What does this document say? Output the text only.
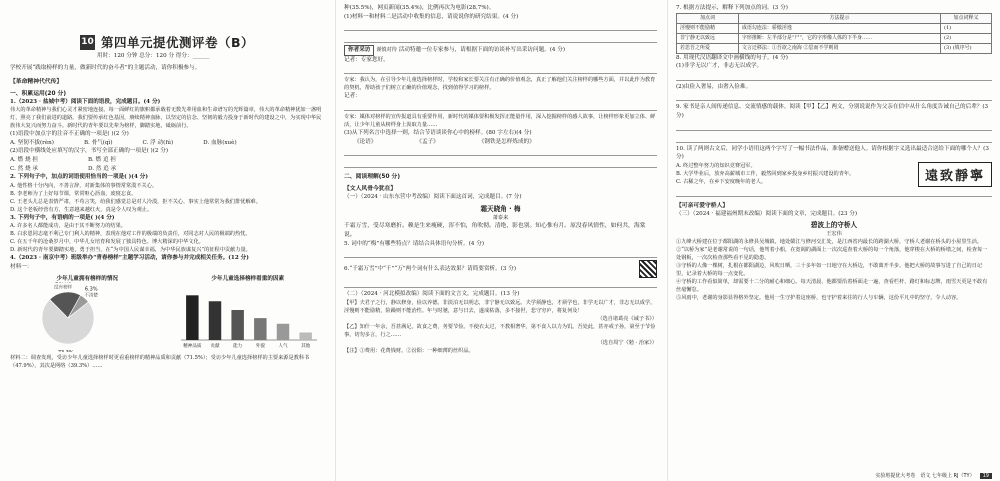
10 第四单元提优测评卷（B）
用时：120 分钟 总分：120 分 得分：______

学校开展“践取榜样的力量，做新时代的奋斗者”的主题活动，请你积极参与。

【革命精神代代传】
一、积累运用(20 分)

1.（2023 · 盐城中考）阅读下面的语段，完成题目。(4 分)

伟大的革命精神与我们心灵才紧密地连接。每一面鲜红的旗帜都承载着无数先辈用血和生命谱写的光辉篇章，伟大的革命精神犹如一盏明灯，照亮了我们前进的道路。我们要传承红色基因，赓续精神血脉，以坚定的信念、坚韧的毅力投身于新时代的建设之中，为实现中华民族伟大复兴而努力奋斗。新时代的青年要以先辈为榜样，脚踏实地，砥砺前行。

(1)语段中加点字的注音不正确的一项是( )(2 分)

A. 坚韧不拔(rèn)	B. 骨气(qì)	C. 浮 动(fú)	D. 血脉(xuè)

(2)语段中横线处应填写的汉字，书写全部正确的一项是( )(2 分)

A. 燃 烧 担	B. 燃 追 担
C. 然 烧 承	D. 然 追 承

2. 下列句子中，加点的词语使用恰当的一项是( )(4 分)

A. 他性格十分内向，不善言辞，对新集体的事情常常漠不关心。

B. 李老师为了上好每节课，常常呕心沥血，废寝忘食。

C. 王老头儿总是表情严肃，不苟言笑，给我们感觉总是对人冷漠，拒不关心，事实上他常常为我们排忧解难。

D. 这个老板经营有方，生意越来越红火，真是令人叹为观止。

3. 下列句子中，有语病的一项是( )(4 分)

A. 许多名人都能成功，是由于其不断努力的结果。

B. 白求恩同志毫不利己专门利人的精神，表现在他对工作的极端的负责任，对同志对人民的极端的热忱。

C. 在五千年的沧桑岁月中，中华儿女培育和发展了独具特色、博大精深的中华文化。

D. 新时代的青年要脚踏实地，勇于担当，在“为中国人民谋幸福，为中华民族谋复兴”的征程中贡献力量。

4.（2023 · 南京中考）班级举办“青春榜样”主题学习活动，请你参与并完成相关任务。(12 分)

材料一：

少年儿童拥有榜样的情况
没有榜样	6.3%
不清楚
少年儿童选择榜样看重的因素
精神品质 贡献	能力	外貌	人气	其他

材料二：调查发现，受访少年儿童选择榜样时更看重榜样的精神品质和贡献（71.5%）；受访少年儿童选择榜样的主要来源是教科书（47.9%），其次是网络（39.3%）……

种(35.5%)，网页新闻(35.4%)，比例再次为电影(28.7%)。

(1)材料一和材料二是活动中收集的信息，请说说你的研究结果。(4 分)

你者采访 谨慎对待 活动特邀一位专家参与，请根据下面的访谈补写出采访问题。(4 分)

记者：专家您好，

专家：我认为，在引导少年儿童选择榜样时，学校和家长要关注有正确的价值观念，真正了解他们关注榜样的哪些方面，并以此作为教育的契机，帮助孩子们树立正确的价值观念，找到值得学习的榜样。

记者：

专家：媒体对榜样的宣传报道具有重要作用，新时代的媒体要积极发挥正能量作用，深入挖掘榜样的感人故事，让榜样形象更加立体、鲜活，让少年儿童从榜样身上汲取力量……

(3)从下列名言中选择一则，结合节语谈谈你心中的榜样。(80 字左右)(4 分)

《论语》	《孟子》	《钢铁是怎样炼成的》
二、阅读理解(50 分)
【文人风骨今犹在】

（一）（2024 · 山东东营中考改编）阅读下面这首词，完成题目。(7 分)

霜天晓角 · 梅

萧泰来

千霜万雪，受尽寒磨折。赖是生来瘦硬，浑不怕，角吹彻。清绝，影也别。知心惟有月。原没春风情性，如何共，海棠说。

5. 词中的“梅”有哪些特点？请结合具体语句分析。(4 分)

6.“千霜万雪”中“千”“万”两个词有什么表达效果？请简要赏析。(3 分)

（二）（2024 · 河北模拟改编）阅读下面的文言文，完成题目。(13 分)

【甲】夫君子之行，静以修身，俭以养德。非淡泊无以明志，非宁静无以致远。夫学须静也，才须学也，非学无以广才，非志无以成学。淫慢则不能励精，险躁则不能治性。年与时驰，意与日去，遂成枯落，多不接世，悲守穷庐，将复何及！

（选自诸葛亮《诫子书》）

【乙】知什一年余，吾甚满足。故食之费，务要节俭。不使衣太过，不教相奢华，第不食人以力为饥。吾处此，甚亦戒子孙，第至于节俭事，切勿多言，行之……

（选自周宁《勉 · 治家》）

【注】①费用：花费钱财。②汾阳：一种细薄的丝织品。

7. 根据方法提示，解释下列加点的词。(3 分)

加点词	方法提示	加点词释义
淫慢则不能励精	成语勾连法：骄傲淫逸	(1)
非宁静无以致远	字形推断：左半部分是“尸”，它的字形像人体的下半身……	(2)
若思吾之所爱	文言迁移法：①吾欲之南海 ②思而不学则罔	(3) (填序号)

8. 用现代汉语翻译文中画横线的句子。(4 分)

(1)非学无以广才，非志无以成学。

(2)由俭入奢易，由奢入俭难。

9. 家书是亲人间传递信息、交流情感的载体。阅读【甲】【乙】两文，分别说说作为父亲在信中从什么角度告诫自己的后辈？(3 分)

10. 读了两则古文后，同学小语用这两个字写了一幅书法作品，准备赠送他人。请你根据字义选出最适合送给下面的哪个人？(3 分)

A. 终过整年努力的知识竞赛冠军。

B. 大学毕业后，放弃高薪城市工作，毅然回到家乡投身乡村振兴建设的青年。

C. 古稀之年，在乡下安度晚年的老人。	遠致靜寧
【可亲可爱守桥人】

（三）（2024 · 福建福州期末改编）阅读下面的文章，完成题目。(23 分)

碧波上的守桥人

王宏伟

①九峰大桥建在位于都阳湖的永修县吴城镇，地处赣江与修河交汇处，是江西省内最长的跨湖大桥，守桥人老谢在桥头的小屋里生活。

②“以桥为家”是老谢常说的一句话，他驾着小船，在宽阔的湖面上一次次巡查着大桥的每一个角落，他穿梭在大桥的桥墩之间，检查每一处钢板，一次次检查那些看不见的隐患。

③守桥的人像一棵树，扎根在都阳湖边，风吹日晒，三十多年如一日地守在大桥边，不敢离开半步。他把大桥的故事写进了自己的日记里，记录着大桥的每一点变化。

④守桥的工作看似简单，却需要十二分的耐心和细心。每天清晨，他都要沿着桥面走一遍，查看栏杆、路灯和标志牌，雨雪天更是不敢有丝毫懈怠。

⑤风雨中，老谢的身影显得格外坚定。他用一生守护着这座桥，也守护着来往的行人与车辆，这份平凡中的坚守，令人动容。

实验班提优大考卷 语文 七年级上 RJ（TY）	19
